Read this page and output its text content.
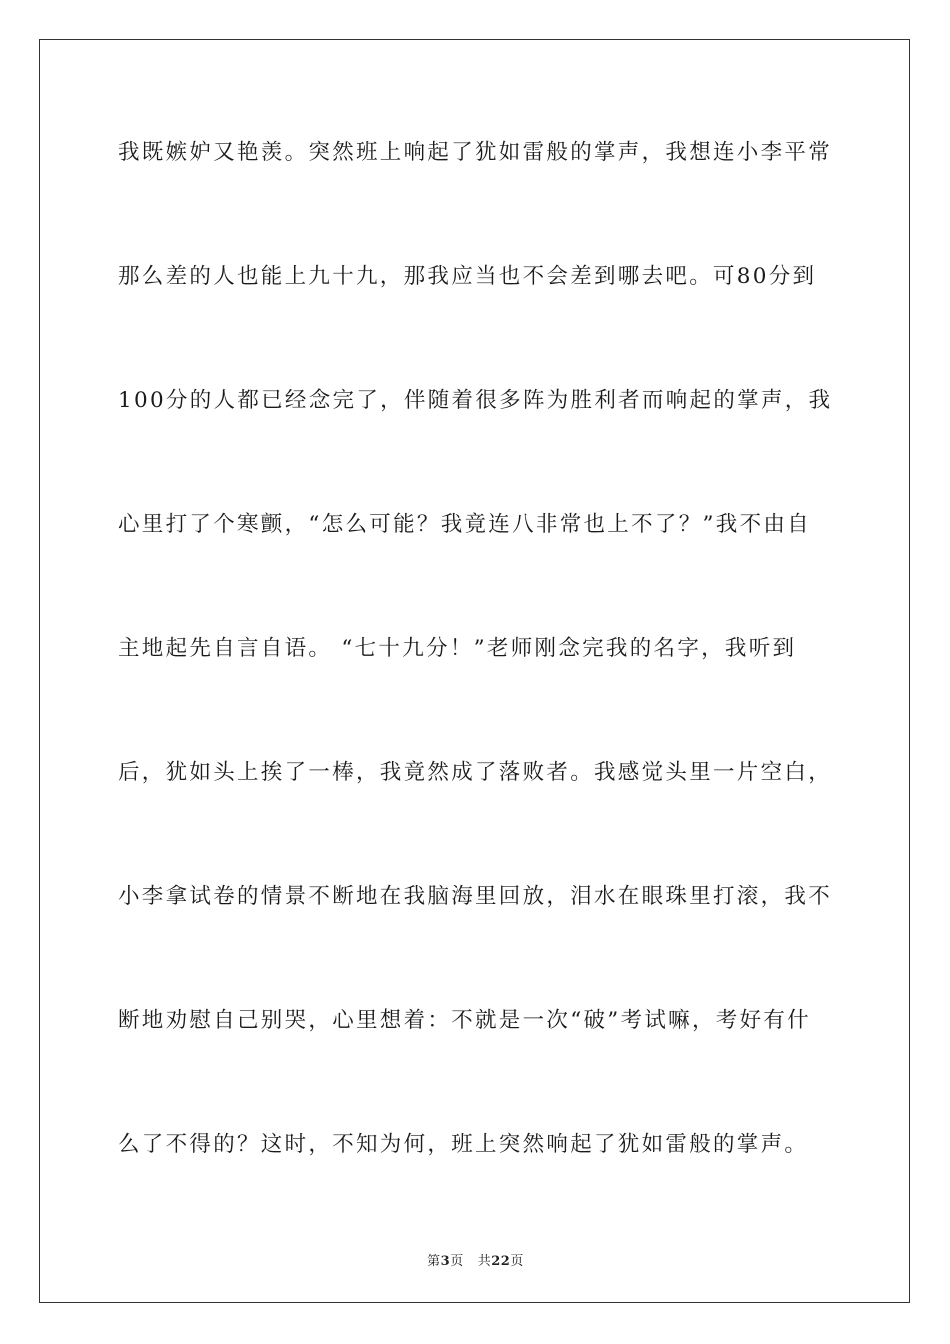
我既嫉妒又艳羡。突然班上响起了犹如雷般的掌声，我想连小李平常
那么差的人也能上九十九，那我应当也不会差到哪去吧。可80分到
100分的人都已经念完了，伴随着很多阵为胜利者而响起的掌声，我
心里打了个寒颤，“怎么可能？我竟连八非常也上不了？”我不由自
主地起先自言自语。 “七十九分！”老师刚念完我的名字，我听到
后，犹如头上挨了一棒，我竟然成了落败者。我感觉头里一片空白，
小李拿试卷的情景不断地在我脑海里回放，泪水在眼珠里打滚，我不
断地劝慰自己别哭，心里想着：不就是一次“破”考试嘛，考好有什
么了不得的？这时，不知为何，班上突然响起了犹如雷般的掌声。
第3页 共22页
